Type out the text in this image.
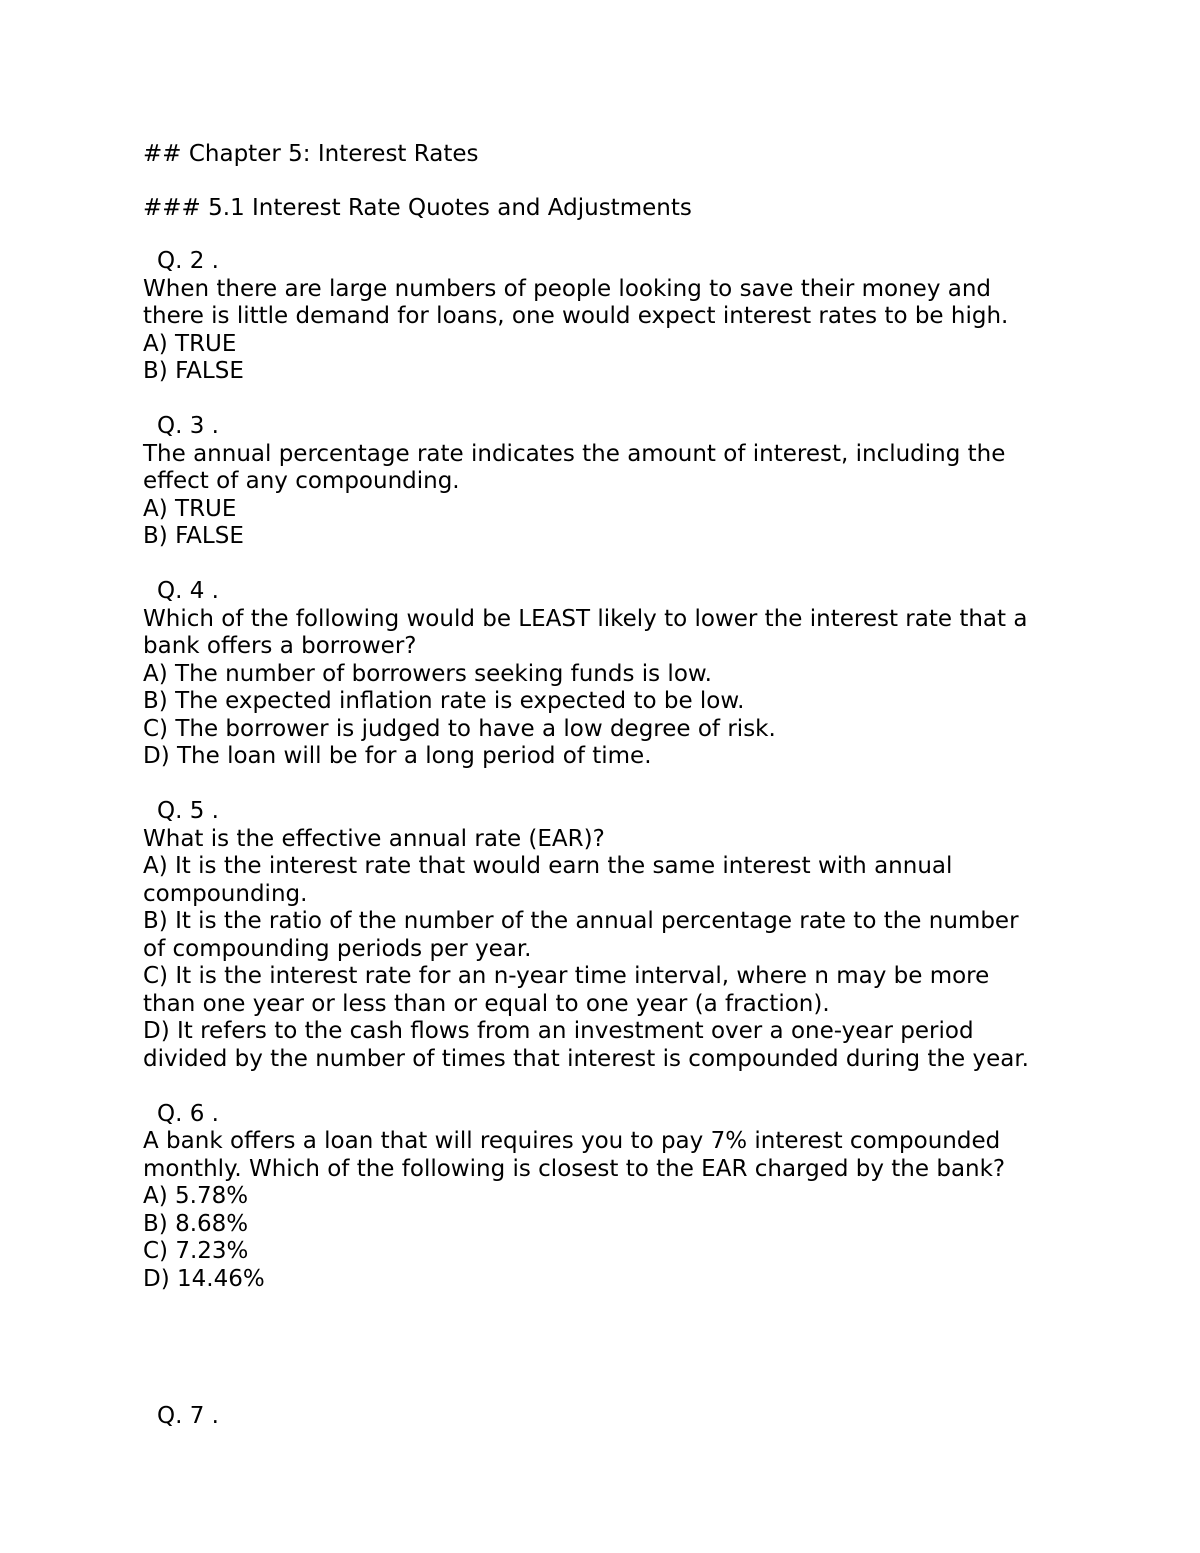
## Chapter 5: Interest Rates

### 5.1 Interest Rate Quotes and Adjustments

Q. 2 .

When there are large numbers of people looking to save their money and

there is little demand for loans, one would expect interest rates to be high.

A) TRUE

B) FALSE

Q. 3 .

The annual percentage rate indicates the amount of interest, including the

effect of any compounding.

A) TRUE

B) FALSE

Q. 4 .

Which of the following would be LEAST likely to lower the interest rate that a

bank offers a borrower?

A) The number of borrowers seeking funds is low.

B) The expected inflation rate is expected to be low.

C) The borrower is judged to have a low degree of risk.

D) The loan will be for a long period of time.

Q. 5 .

What is the effective annual rate (EAR)?

A) It is the interest rate that would earn the same interest with annual

compounding.

B) It is the ratio of the number of the annual percentage rate to the number

of compounding periods per year.

C) It is the interest rate for an n-year time interval, where n may be more

than one year or less than or equal to one year (a fraction).

D) It refers to the cash flows from an investment over a one-year period

divided by the number of times that interest is compounded during the year.

Q. 6 .

A bank offers a loan that will requires you to pay 7% interest compounded

monthly. Which of the following is closest to the EAR charged by the bank?

A) 5.78%

B) 8.68%

C) 7.23%

D) 14.46%

Q. 7 .
